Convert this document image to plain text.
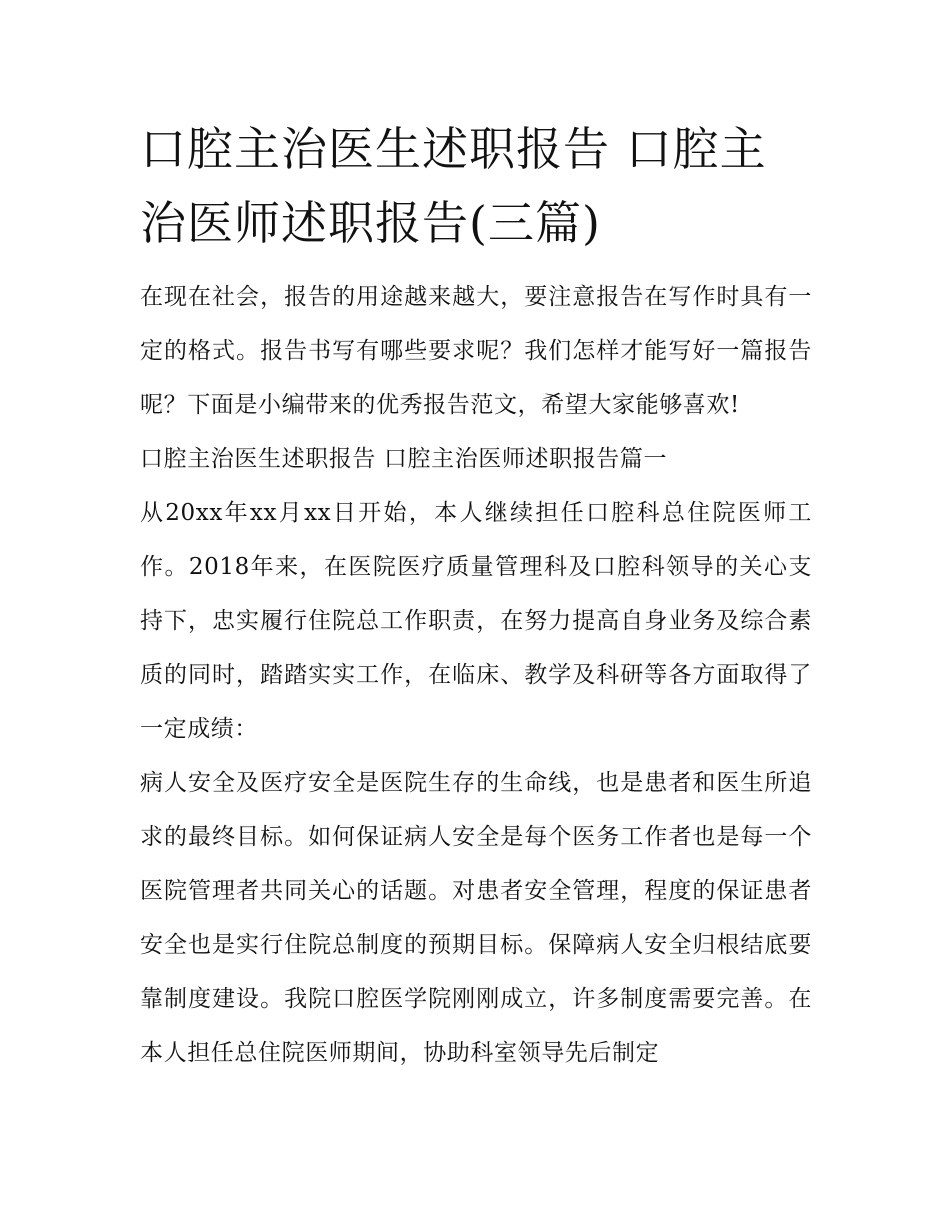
口腔主治医生述职报告 口腔主治医师述职报告(三篇)

在现在社会，报告的用途越来越大，要注意报告在写作时具有一定的格式。报告书写有哪些要求呢？我们怎样才能写好一篇报告呢？下面是小编带来的优秀报告范文，希望大家能够喜欢!

口腔主治医生述职报告 口腔主治医师述职报告篇一

从20xx年xx月xx日开始，本人继续担任口腔科总住院医师工作。2018年来，在医院医疗质量管理科及口腔科领导的关心支持下，忠实履行住院总工作职责，在努力提高自身业务及综合素质的同时，踏踏实实工作，在临床、教学及科研等各方面取得了一定成绩：

病人安全及医疗安全是医院生存的生命线，也是患者和医生所追求的最终目标。如何保证病人安全是每个医务工作者也是每一个医院管理者共同关心的话题。对患者安全管理，程度的保证患者安全也是实行住院总制度的预期目标。保障病人安全归根结底要靠制度建设。我院口腔医学院刚刚成立，许多制度需要完善。在本人担任总住院医师期间，协助科室领导先后制定
